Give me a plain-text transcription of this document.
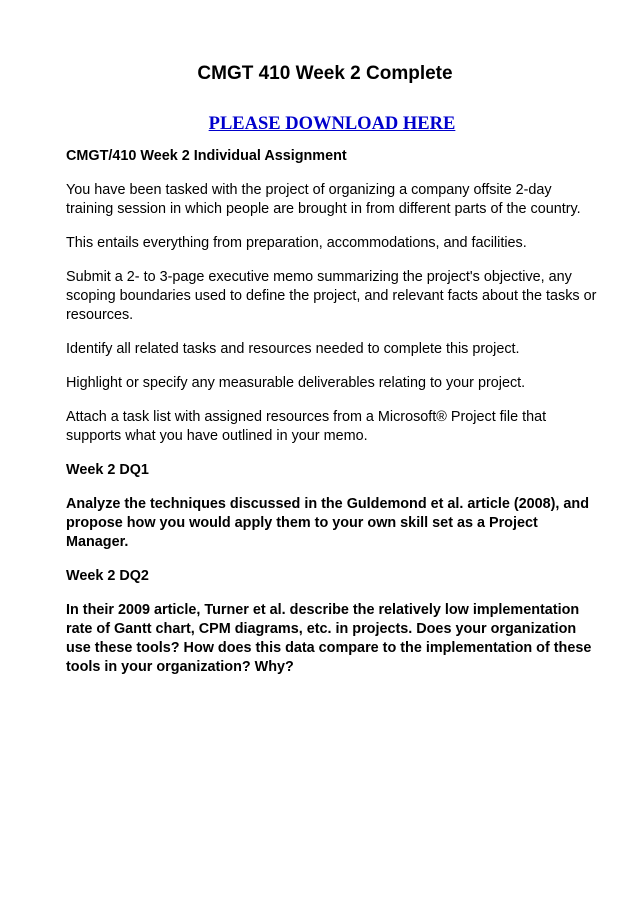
CMGT 410 Week 2 Complete
PLEASE DOWNLOAD HERE

CMGT/410 Week 2 Individual Assignment

You have been tasked with the project of organizing a company offsite 2-day training session in which people are brought in from different parts of the country.

This entails everything from preparation, accommodations, and facilities.

Submit a 2- to 3-page executive memo summarizing the project's objective, any scoping boundaries used to define the project, and relevant facts about the tasks or resources.

Identify all related tasks and resources needed to complete this project.

Highlight or specify any measurable deliverables relating to your project.

Attach a task list with assigned resources from a Microsoft® Project file that supports what you have outlined in your memo.

Week 2 DQ1

Analyze the techniques discussed in the Guldemond et al. article (2008), and propose how you would apply them to your own skill set as a Project Manager.

Week 2 DQ2

In their 2009 article, Turner et al. describe the relatively low implementation rate of Gantt chart, CPM diagrams, etc. in projects. Does your organization use these tools? How does this data compare to the implementation of these tools in your organization? Why?
